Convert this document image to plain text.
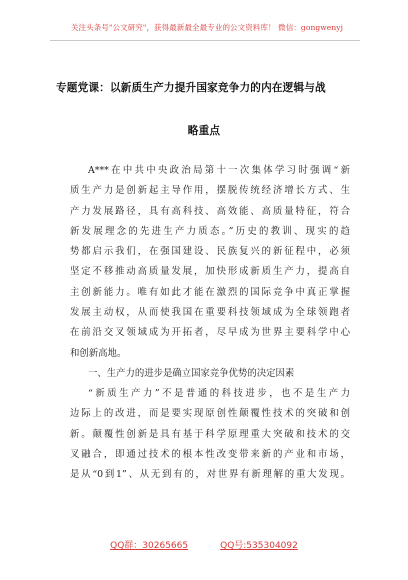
关注头条号"公文研究"，获得最新最全最专业的公文资料库！ 微信：gongwenyj
专题党课：以新质生产力提升国家竞争力的内在逻辑与战
略重点
A***在中共中央政治局第十一次集体学习时强调“新
质生产力是创新起主导作用，摆脱传统经济增长方式、生
产力发展路径，具有高科技、高效能、高质量特征，符合
新发展理念的先进生产力质态。”历史的教训、现实的趋
势都启示我们，在强国建设、民族复兴的新征程中，必须
坚定不移推动高质量发展，加快形成新质生产力，提高自
主创新能力。唯有如此才能在激烈的国际竞争中真正掌握
发展主动权，从而使我国在重要科技领域成为全球领跑者
在前沿交叉领域成为开拓者，尽早成为世界主要科学中心
和创新高地。
一、生产力的进步是确立国家竞争优势的决定因素
“新质生产力”不是普通的科技进步，也不是生产力
边际上的改进，而是要实现原创性颠覆性技术的突破和创
新。颠覆性创新是具有基于科学原理重大突破和技术的交
叉融合，即通过技术的根本性改变带来新的产业和市场，
是从“0到1”、从无到有的，对世界有新理解的重大发现。
QQ群：30265665	QQ号:535304092
